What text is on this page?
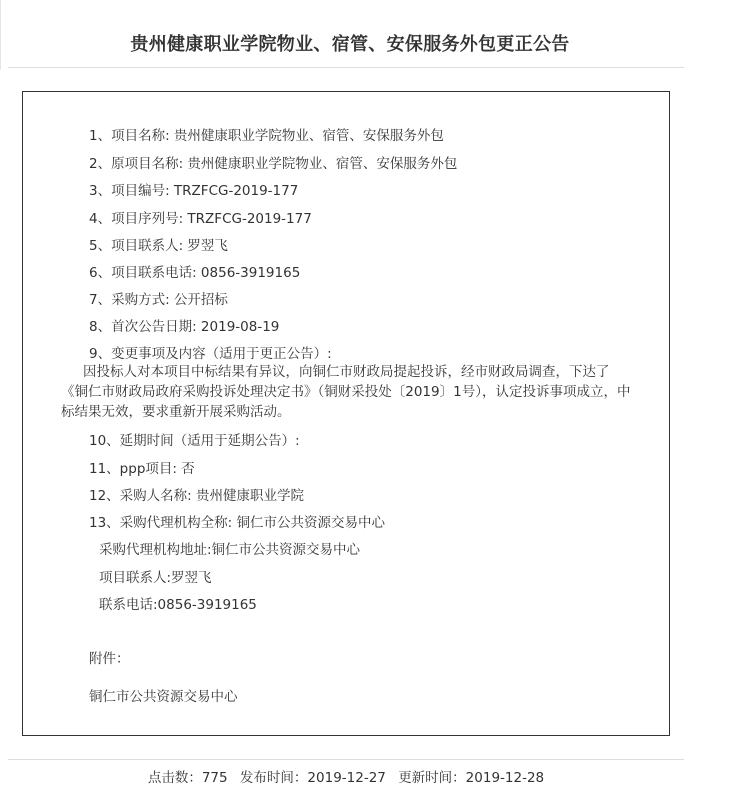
贵州健康职业学院物业、宿管、安保服务外包更正公告
1、项目名称: 贵州健康职业学院物业、宿管、安保服务外包
2、原项目名称: 贵州健康职业学院物业、宿管、安保服务外包
3、项目编号: TRZFCG-2019-177
4、项目序列号: TRZFCG-2019-177
5、项目联系人: 罗翌飞
6、项目联系电话: 0856-3919165
7、采购方式: 公开招标
8、首次公告日期: 2019-08-19
9、变更事项及内容（适用于更正公告）:

因投标人对本项目中标结果有异议，向铜仁市财政局提起投诉，经市财政局调查，下达了《铜仁市财政局政府采购投诉处理决定书》（铜财采投处〔2019〕1号），认定投诉事项成立，中标结果无效，要求重新开展采购活动。

10、延期时间（适用于延期公告）:
11、ppp项目: 否
12、采购人名称: 贵州健康职业学院
13、采购代理机构全称: 铜仁市公共资源交易中心
采购代理机构地址:铜仁市公共资源交易中心
项目联系人:罗翌飞
联系电话:0856-3919165
附件：
铜仁市公共资源交易中心
点击数：775 发布时间：2019-12-27 更新时间：2019-12-28
